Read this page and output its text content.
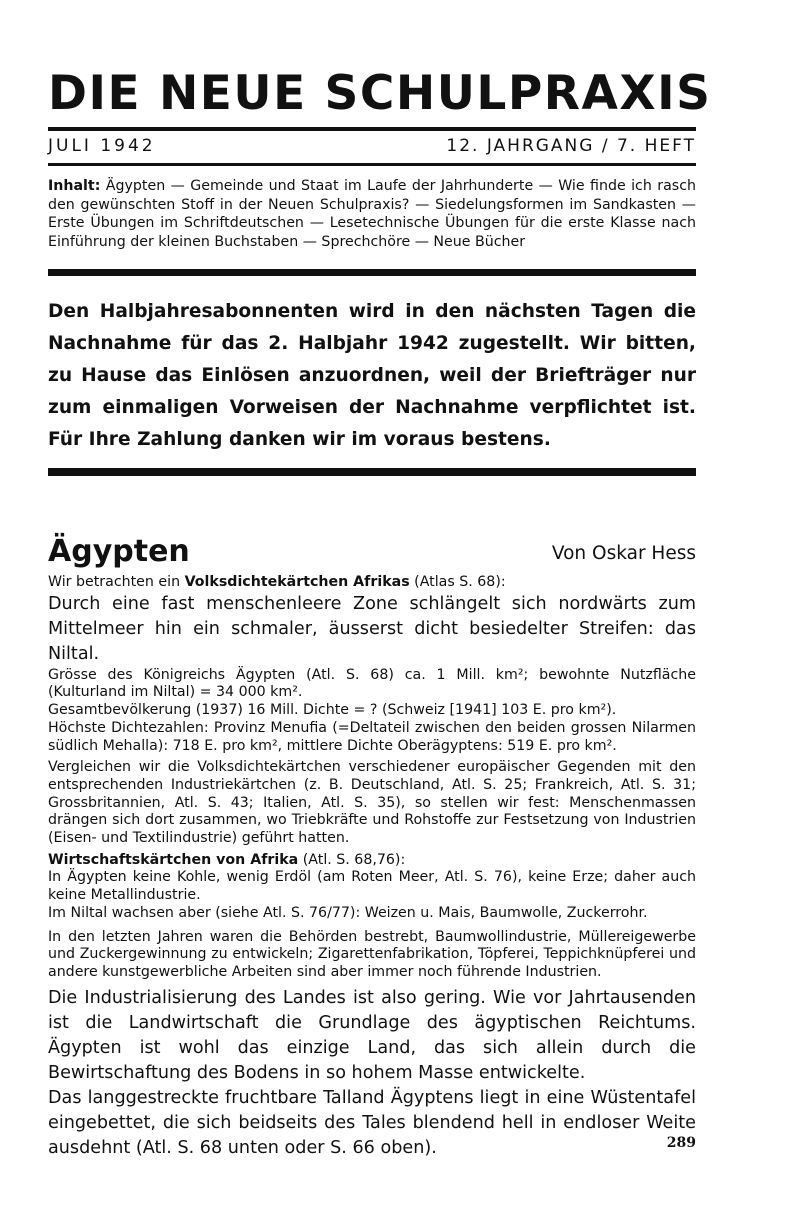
DIE NEUE SCHULPRAXIS
JULI 1942	12. JAHRGANG / 7. HEFT
Inhalt: Ägypten — Gemeinde und Staat im Laufe der Jahrhunderte — Wie finde ich rasch den gewünschten Stoff in der Neuen Schulpraxis? — Siedelungsformen im Sandkasten — Erste Übungen im Schriftdeutschen — Lesetechnische Übungen für die erste Klasse nach Einführung der kleinen Buchstaben — Sprechchöre — Neue Bücher
Den Halbjahresabonnenten wird in den nächsten Tagen die Nachnahme für das 2. Halbjahr 1942 zugestellt. Wir bitten, zu Hause das Einlösen anzuordnen, weil der Briefträger nur zum einmaligen Vorweisen der Nachnahme verpflichtet ist. Für Ihre Zahlung danken wir im voraus bestens.
Ägypten	Von Oskar Hess

Wir betrachten ein Volksdichtekärtchen Afrikas (Atlas S. 68):

Durch eine fast menschenleere Zone schlängelt sich nordwärts zum Mittelmeer hin ein schmaler, äusserst dicht besiedelter Streifen: das Niltal.

Grösse des Königreichs Ägypten (Atl. S. 68) ca. 1 Mill. km²; bewohnte Nutzfläche (Kulturland im Niltal) = 34 000 km².

Gesamtbevölkerung (1937) 16 Mill. Dichte = ? (Schweiz [1941] 103 E. pro km²).

Höchste Dichtezahlen: Provinz Menufia (=Deltateil zwischen den beiden grossen Nilarmen südlich Mehalla): 718 E. pro km², mittlere Dichte Oberägyptens: 519 E. pro km².

Vergleichen wir die Volksdichtekärtchen verschiedener europäischer Gegenden mit den entsprechenden Industriekärtchen (z. B. Deutschland, Atl. S. 25; Frankreich, Atl. S. 31; Grossbritannien, Atl. S. 43; Italien, Atl. S. 35), so stellen wir fest: Menschenmassen drängen sich dort zusammen, wo Triebkräfte und Rohstoffe zur Festsetzung von Industrien (Eisen- und Textilindustrie) geführt hatten.

Wirtschaftskärtchen von Afrika (Atl. S. 68,76):

In Ägypten keine Kohle, wenig Erdöl (am Roten Meer, Atl. S. 76), keine Erze; daher auch keine Metallindustrie.

Im Niltal wachsen aber (siehe Atl. S. 76/77): Weizen u. Mais, Baumwolle, Zuckerrohr.

In den letzten Jahren waren die Behörden bestrebt, Baumwollindustrie, Müllereigewerbe und Zuckergewinnung zu entwickeln; Zigarettenfabrikation, Töpferei, Teppichknüpferei und andere kunstgewerbliche Arbeiten sind aber immer noch führende Industrien.

Die Industrialisierung des Landes ist also gering. Wie vor Jahrtausenden ist die Landwirtschaft die Grundlage des ägyptischen Reichtums. Ägypten ist wohl das einzige Land, das sich allein durch die Bewirtschaftung des Bodens in so hohem Masse entwickelte.

Das langgestreckte fruchtbare Talland Ägyptens liegt in eine Wüstentafel eingebettet, die sich beidseits des Tales blendend hell in endloser Weite ausdehnt (Atl. S. 68 unten oder S. 66 oben).	289
